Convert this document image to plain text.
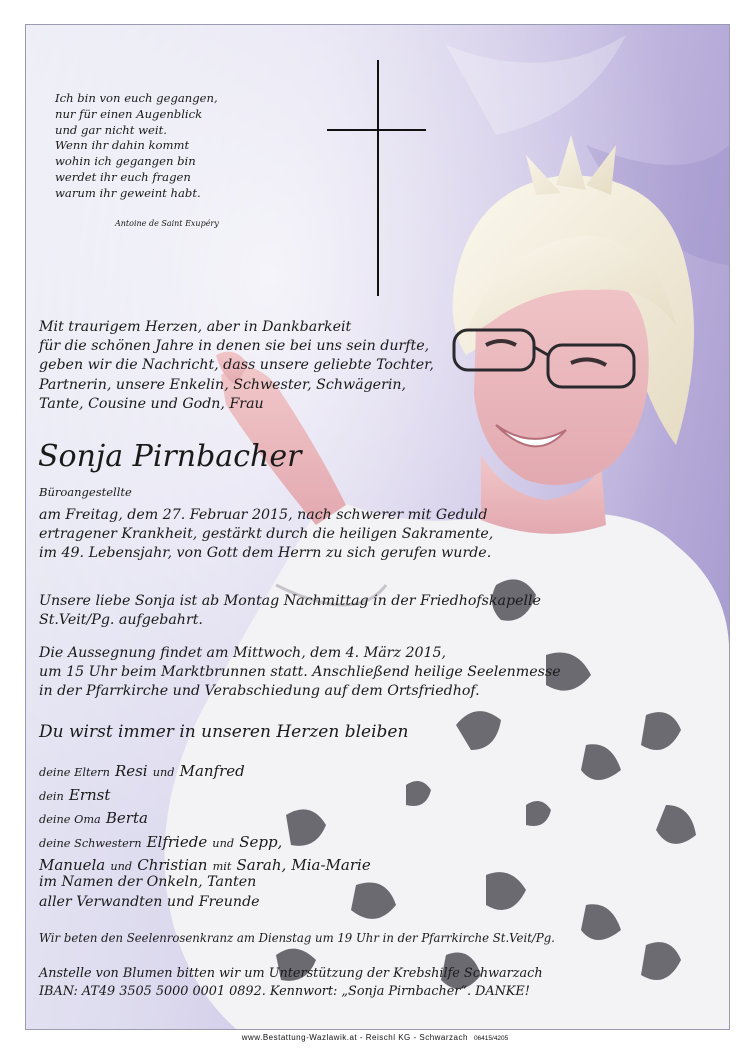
Ich bin von euch gegangen,
nur für einen Augenblick
und gar nicht weit.
Wenn ihr dahin kommt
wohin ich gegangen bin
werdet ihr euch fragen
warum ihr geweint habt.
Antoine de Saint Exupéry
Mit traurigem Herzen, aber in Dankbarkeit
für die schönen Jahre in denen sie bei uns sein durfte,
geben wir die Nachricht, dass unsere geliebte Tochter,
Partnerin, unsere Enkelin, Schwester, Schwägerin,
Tante, Cousine und Godn, Frau
Sonja Pirnbacher
Büroangestellte
am Freitag, dem 27. Februar 2015, nach schwerer mit Geduld
ertragener Krankheit, gestärkt durch die heiligen Sakramente,
im 49. Lebensjahr, von Gott dem Herrn zu sich gerufen wurde.
Unsere liebe Sonja ist ab Montag Nachmittag in der Friedhofskapelle
St.Veit/Pg. aufgebahrt.
Die Aussegnung findet am Mittwoch, dem 4. März 2015,
um 15 Uhr beim Marktbrunnen statt. Anschließend heilige Seelenmesse
in der Pfarrkirche und Verabschiedung auf dem Ortsfriedhof.
Du wirst immer in unseren Herzen bleiben
deine Eltern Resi und Manfred
dein Ernst
deine Oma Berta
deine Schwestern Elfriede und Sepp,
Manuela und Christian mit Sarah, Mia-Marie
im Namen der Onkeln, Tanten
aller Verwandten und Freunde
Wir beten den Seelenrosenkranz am Dienstag um 19 Uhr in der Pfarrkirche St.Veit/Pg.
Anstelle von Blumen bitten wir um Unterstützung der Krebshilfe Schwarzach
IBAN: AT49 3505 5000 0001 0892. Kennwort: „Sonja Pirnbacher“. DANKE!
www.Bestattung-Wazlawik.at - Reischl KG - Schwarzach 06415/4205
